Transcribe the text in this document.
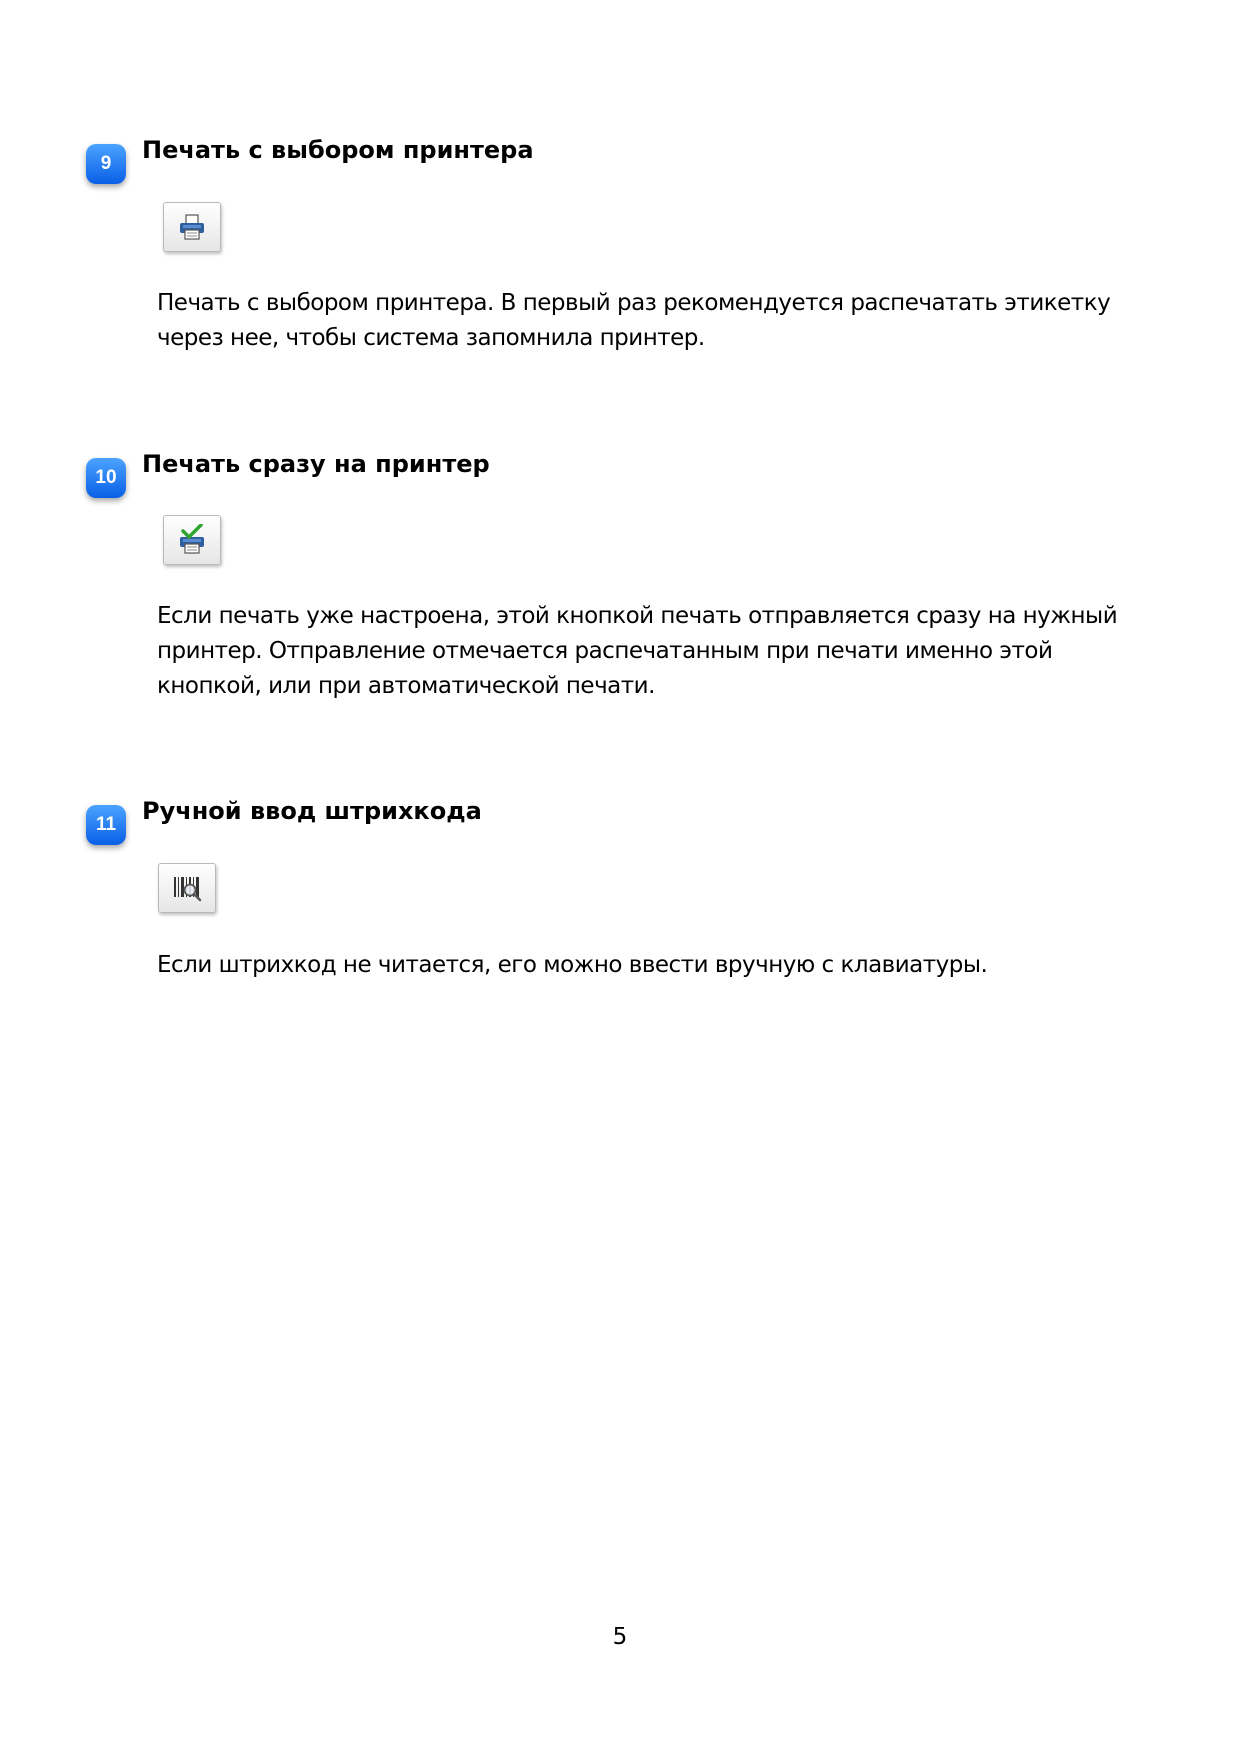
9	Печать с выбором принтера

Печать с выбором принтера. В первый раз рекомендуется распечатать этикетку через нее, чтобы система запомнила принтер.

10	Печать сразу на принтер

Если печать уже настроена, этой кнопкой печать отправляется сразу на нужный принтер. Отправление отмечается распечатанным при печати именно этой кнопкой, или при автоматической печати.

11	Ручной ввод штрихкода

Если штрихкод не читается, его можно ввести вручную с клавиатуры.

5
